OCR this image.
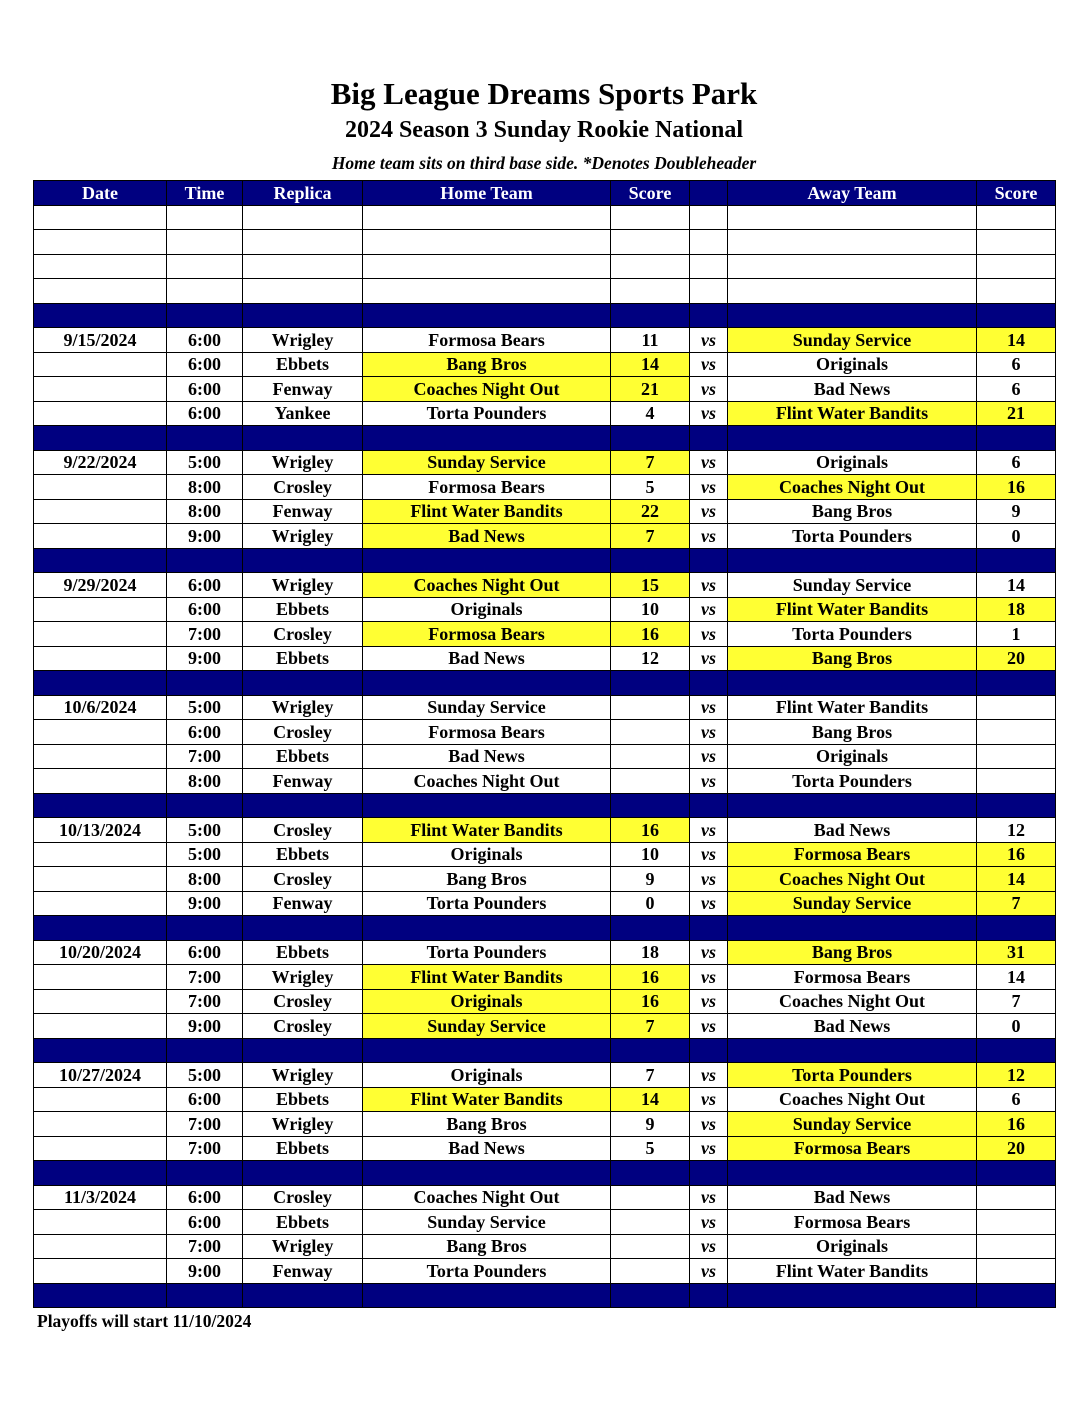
Big League Dreams Sports Park
2024 Season 3 Sunday Rookie National
Home team sits on third base side. *Denotes Doubleheader
Date	Time	Replica	Home Team	Score		Away Team	Score

9/15/2024	6:00	Wrigley	Formosa Bears	11	vs	Sunday Service	14
	6:00	Ebbets	Bang Bros	14	vs	Originals	6
	6:00	Fenway	Coaches Night Out	21	vs	Bad News	6
	6:00	Yankee	Torta Pounders	4	vs	Flint Water Bandits	21

9/22/2024	5:00	Wrigley	Sunday Service	7	vs	Originals	6
	8:00	Crosley	Formosa Bears	5	vs	Coaches Night Out	16
	8:00	Fenway	Flint Water Bandits	22	vs	Bang Bros	9
	9:00	Wrigley	Bad News	7	vs	Torta Pounders	0

9/29/2024	6:00	Wrigley	Coaches Night Out	15	vs	Sunday Service	14
	6:00	Ebbets	Originals	10	vs	Flint Water Bandits	18
	7:00	Crosley	Formosa Bears	16	vs	Torta Pounders	1
	9:00	Ebbets	Bad News	12	vs	Bang Bros	20

10/6/2024	5:00	Wrigley	Sunday Service		vs	Flint Water Bandits	
	6:00	Crosley	Formosa Bears		vs	Bang Bros	
	7:00	Ebbets	Bad News		vs	Originals	
	8:00	Fenway	Coaches Night Out		vs	Torta Pounders	

10/13/2024	5:00	Crosley	Flint Water Bandits	16	vs	Bad News	12
	5:00	Ebbets	Originals	10	vs	Formosa Bears	16
	8:00	Crosley	Bang Bros	9	vs	Coaches Night Out	14
	9:00	Fenway	Torta Pounders	0	vs	Sunday Service	7

10/20/2024	6:00	Ebbets	Torta Pounders	18	vs	Bang Bros	31
	7:00	Wrigley	Flint Water Bandits	16	vs	Formosa Bears	14
	7:00	Crosley	Originals	16	vs	Coaches Night Out	7
	9:00	Crosley	Sunday Service	7	vs	Bad News	0

10/27/2024	5:00	Wrigley	Originals	7	vs	Torta Pounders	12
	6:00	Ebbets	Flint Water Bandits	14	vs	Coaches Night Out	6
	7:00	Wrigley	Bang Bros	9	vs	Sunday Service	16
	7:00	Ebbets	Bad News	5	vs	Formosa Bears	20

11/3/2024	6:00	Crosley	Coaches Night Out		vs	Bad News	
	6:00	Ebbets	Sunday Service		vs	Formosa Bears	
	7:00	Wrigley	Bang Bros		vs	Originals	
	9:00	Fenway	Torta Pounders		vs	Flint Water Bandits	

Playoffs will start 11/10/2024
